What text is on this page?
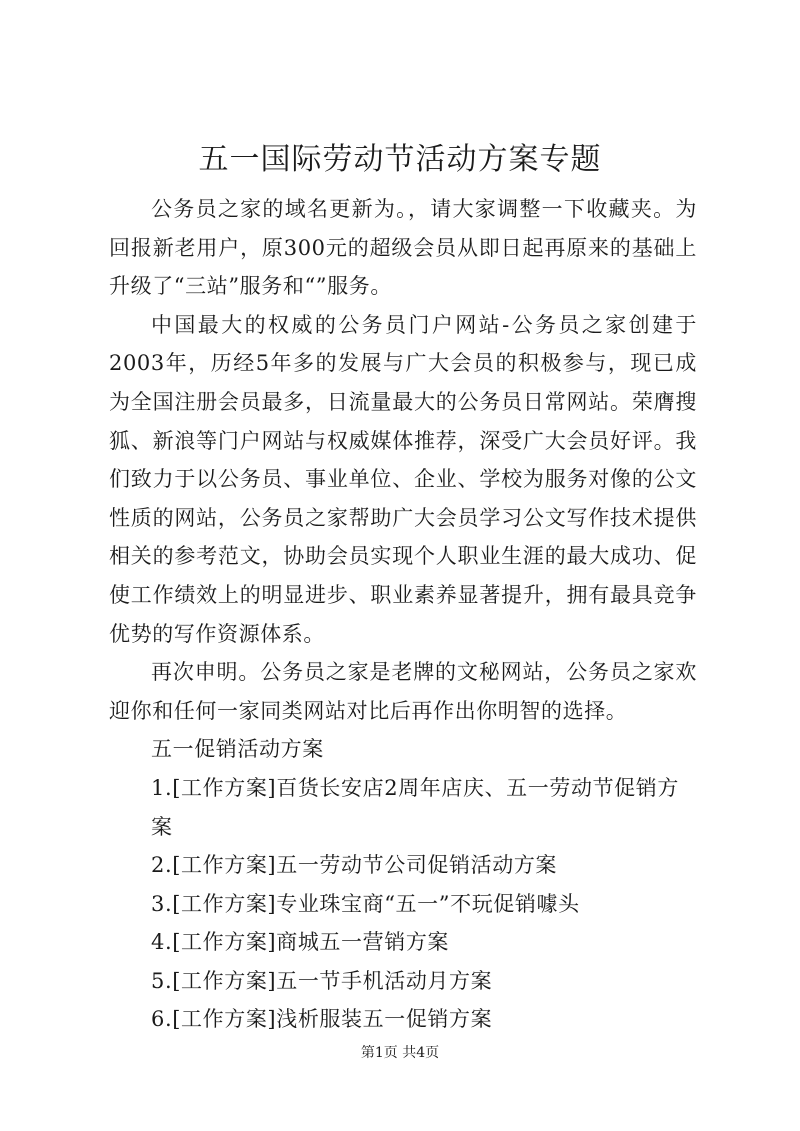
五一国际劳动节活动方案专题

公务员之家的域名更新为。，请大家调整一下收藏夹。为回报新老用户，原300元的超级会员从即日起再原来的基础上升级了“三站”服务和“”服务。

中国最大的权威的公务员门户网站-公务员之家创建于2003年，历经5年多的发展与广大会员的积极参与，现已成为全国注册会员最多，日流量最大的公务员日常网站。荣膺搜狐、新浪等门户网站与权威媒体推荐，深受广大会员好评。我们致力于以公务员、事业单位、企业、学校为服务对像的公文性质的网站，公务员之家帮助广大会员学习公文写作技术提供相关的参考范文，协助会员实现个人职业生涯的最大成功、促使工作绩效上的明显进步、职业素养显著提升，拥有最具竞争优势的写作资源体系。

再次申明。公务员之家是老牌的文秘网站，公务员之家欢迎你和任何一家同类网站对比后再作出你明智的选择。

五一促销活动方案

1.[工作方案]百货长安店2周年店庆、五一劳动节促销方案
2.[工作方案]五一劳动节公司促销活动方案
3.[工作方案]专业珠宝商“五一”不玩促销噱头
4.[工作方案]商城五一营销方案
5.[工作方案]五一节手机活动月方案
6.[工作方案]浅析服装五一促销方案
第1页 共4页
